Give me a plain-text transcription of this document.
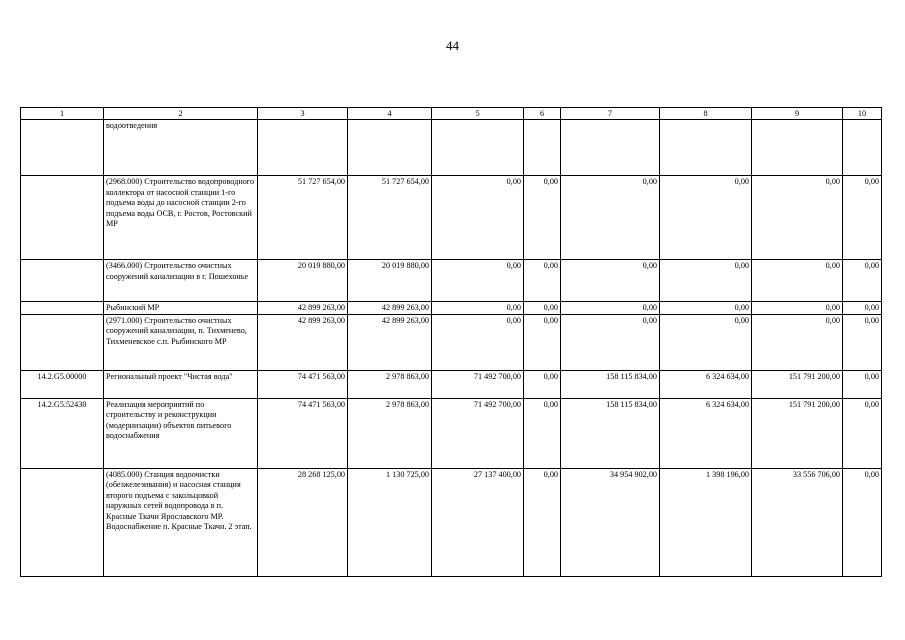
44
1	2	3	4	5	6	7	8	9	10
	водоотведения								
	(2968.000) Строительство водопроводного коллектора от насосной станции 1-го подъема воды до насосной станции 2-го подъема воды ОСВ, г. Ростов, Ростовский МР	51 727 654,00	51 727 654,00	0,00	0,00	0,00	0,00	0,00	0,00
	(3466.000) Строительство очистных сооружений канализации в г. Пошехонье	20 019 880,00	20 019 880,00	0,00	0,00	0,00	0,00	0,00	0,00
	Рыбинский МР	42 899 263,00	42 899 263,00	0,00	0,00	0,00	0,00	0,00	0,00
	(2971.000) Строительство очистных сооружений канализации, п. Тихменево, Тихменевское с.п. Рыбинского МР	42 899 263,00	42 899 263,00	0,00	0,00	0,00	0,00	0,00	0,00
14.2.G5.00000	Региональный проект "Чистая вода"	74 471 563,00	2 978 863,00	71 492 700,00	0,00	158 115 834,00	6 324 634,00	151 791 200,00	0,00
14.2.G5.52430	Реализация мероприятий по строительству и реконструкции (модернизации) объектов питьевого водоснабжения	74 471 563,00	2 978 863,00	71 492 700,00	0,00	158 115 834,00	6 324 634,00	151 791 200,00	0,00
	(4085.000) Станция водоочистки (обезжелезивания) и насосная станция второго подъема с закольцовкой наружных сетей водопровода в п. Красные Ткачи Ярославского МР. Водоснабжение п. Красные Ткачи. 2 этап.	28 268 125,00	1 130 725,00	27 137 400,00	0,00	34 954 902,00	1 398 196,00	33 556 706,00	0,00
